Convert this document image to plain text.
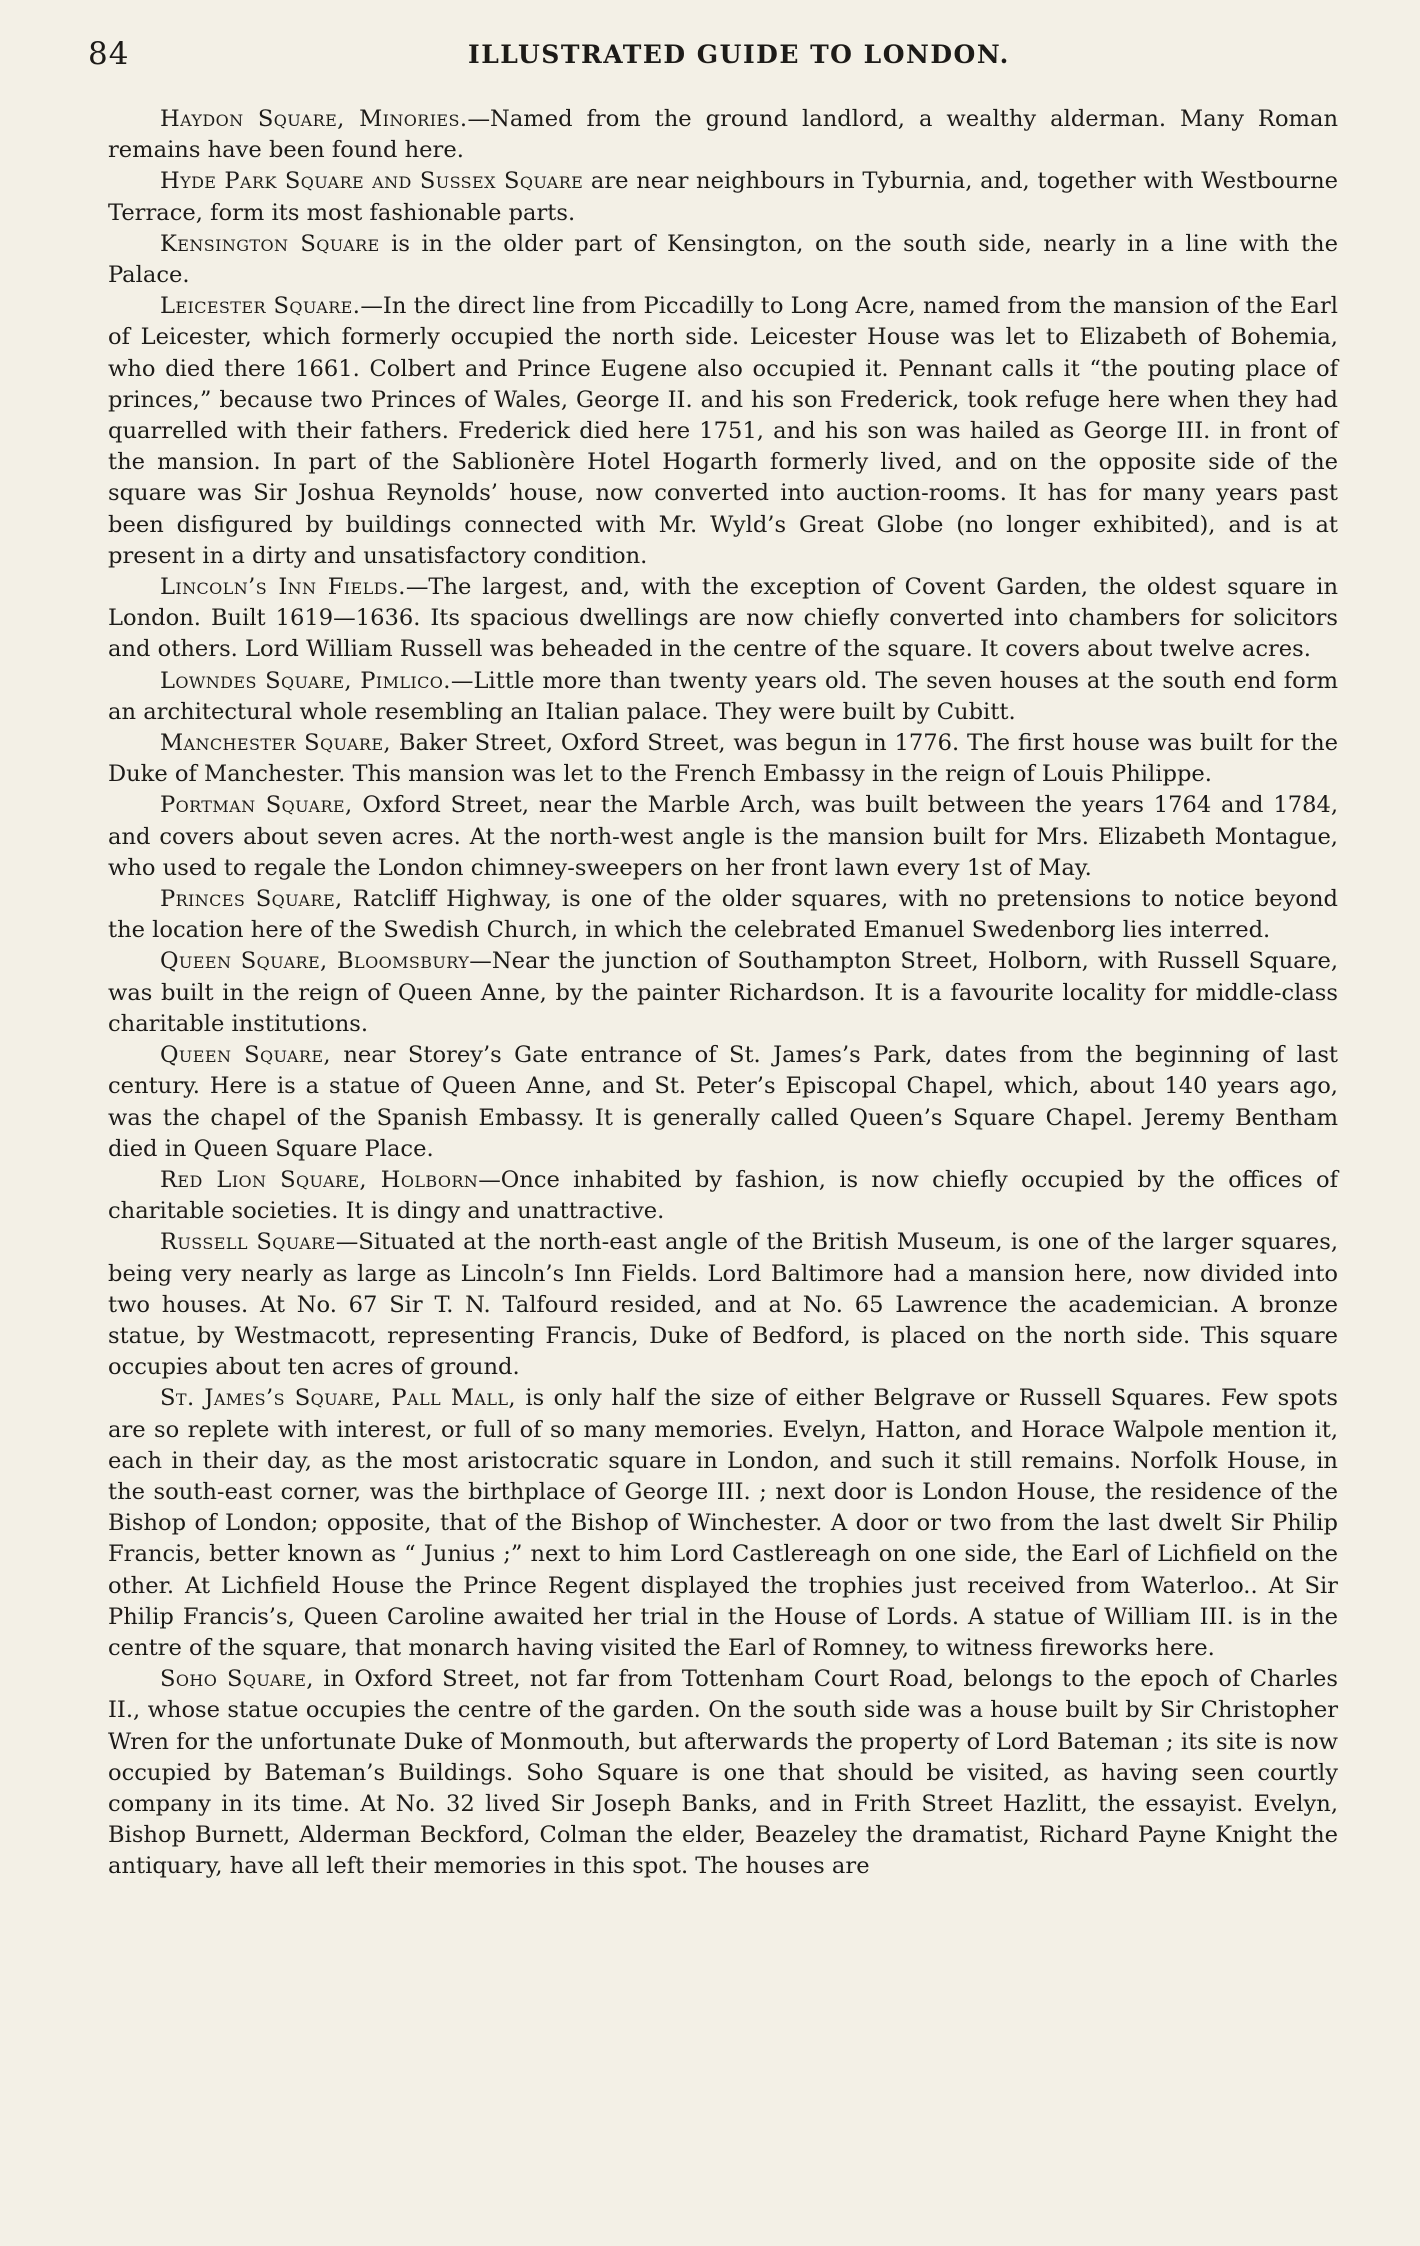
84	ILLUSTRATED GUIDE TO LONDON.

Haydon Square, Minories.—Named from the ground landlord, a wealthy alderman. Many Roman remains have been found here.

Hyde Park Square and Sussex Square are near neighbours in Tyburnia, and, together with Westbourne Terrace, form its most fashionable parts.

Kensington Square is in the older part of Kensington, on the south side, nearly in a line with the Palace.

Leicester Square.—In the direct line from Piccadilly to Long Acre, named from the mansion of the Earl of Leicester, which formerly occupied the north side. Leicester House was let to Elizabeth of Bohemia, who died there 1661. Colbert and Prince Eugene also occupied it. Pennant calls it “the pouting place of princes,” because two Princes of Wales, George II. and his son Frederick, took refuge here when they had quarrelled with their fathers. Frederick died here 1751, and his son was hailed as George III. in front of the mansion. In part of the Sablionère Hotel Hogarth formerly lived, and on the opposite side of the square was Sir Joshua Reynolds’ house, now converted into auction-rooms. It has for many years past been disfigured by buildings connected with Mr. Wyld’s Great Globe (no longer exhibited), and is at present in a dirty and unsatisfactory condition.

Lincoln’s Inn Fields.—The largest, and, with the exception of Covent Garden, the oldest square in London. Built 1619—1636. Its spacious dwellings are now chiefly converted into chambers for solicitors and others. Lord William Russell was beheaded in the centre of the square. It covers about twelve acres.

Lowndes Square, Pimlico.—Little more than twenty years old. The seven houses at the south end form an architectural whole resembling an Italian palace. They were built by Cubitt.

Manchester Square, Baker Street, Oxford Street, was begun in 1776. The first house was built for the Duke of Manchester. This mansion was let to the French Embassy in the reign of Louis Philippe.

Portman Square, Oxford Street, near the Marble Arch, was built between the years 1764 and 1784, and covers about seven acres. At the north-west angle is the mansion built for Mrs. Elizabeth Montague, who used to regale the London chimney-sweepers on her front lawn every 1st of May.

Princes Square, Ratcliff Highway, is one of the older squares, with no pretensions to notice beyond the location here of the Swedish Church, in which the celebrated Emanuel Swedenborg lies interred.

Queen Square, Bloomsbury—Near the junction of Southampton Street, Holborn, with Russell Square, was built in the reign of Queen Anne, by the painter Richardson. It is a favourite locality for middle-class charitable institutions.

Queen Square, near Storey’s Gate entrance of St. James’s Park, dates from the beginning of last century. Here is a statue of Queen Anne, and St. Peter’s Episcopal Chapel, which, about 140 years ago, was the chapel of the Spanish Embassy. It is generally called Queen’s Square Chapel. Jeremy Bentham died in Queen Square Place.

Red Lion Square, Holborn—Once inhabited by fashion, is now chiefly occupied by the offices of charitable societies. It is dingy and unattractive.

Russell Square—Situated at the north-east angle of the British Museum, is one of the larger squares, being very nearly as large as Lincoln’s Inn Fields. Lord Baltimore had a mansion here, now divided into two houses. At No. 67 Sir T. N. Talfourd resided, and at No. 65 Lawrence the academician. A bronze statue, by Westmacott, representing Francis, Duke of Bedford, is placed on the north side. This square occupies about ten acres of ground.

St. James’s Square, Pall Mall, is only half the size of either Belgrave or Russell Squares. Few spots are so replete with interest, or full of so many memories. Evelyn, Hatton, and Horace Walpole mention it, each in their day, as the most aristocratic square in London, and such it still remains. Norfolk House, in the south-east corner, was the birthplace of George III. ; next door is London House, the residence of the Bishop of London; opposite, that of the Bishop of Winchester. A door or two from the last dwelt Sir Philip Francis, better known as “ Junius ;” next to him Lord Castlereagh on one side, the Earl of Lichfield on the other. At Lichfield House the Prince Regent displayed the trophies just received from Waterloo.. At Sir Philip Francis’s, Queen Caroline awaited her trial in the House of Lords. A statue of William III. is in the centre of the square, that monarch having visited the Earl of Romney, to witness fireworks here.

Soho Square, in Oxford Street, not far from Tottenham Court Road, belongs to the epoch of Charles II., whose statue occupies the centre of the garden. On the south side was a house built by Sir Christopher Wren for the unfortunate Duke of Monmouth, but afterwards the property of Lord Bateman ; its site is now occupied by Bateman’s Buildings. Soho Square is one that should be visited, as having seen courtly company in its time. At No. 32 lived Sir Joseph Banks, and in Frith Street Hazlitt, the essayist. Evelyn, Bishop Burnett, Alderman Beckford, Colman the elder, Beazeley the dramatist, Richard Payne Knight the antiquary, have all left their memories in this spot. The houses are
